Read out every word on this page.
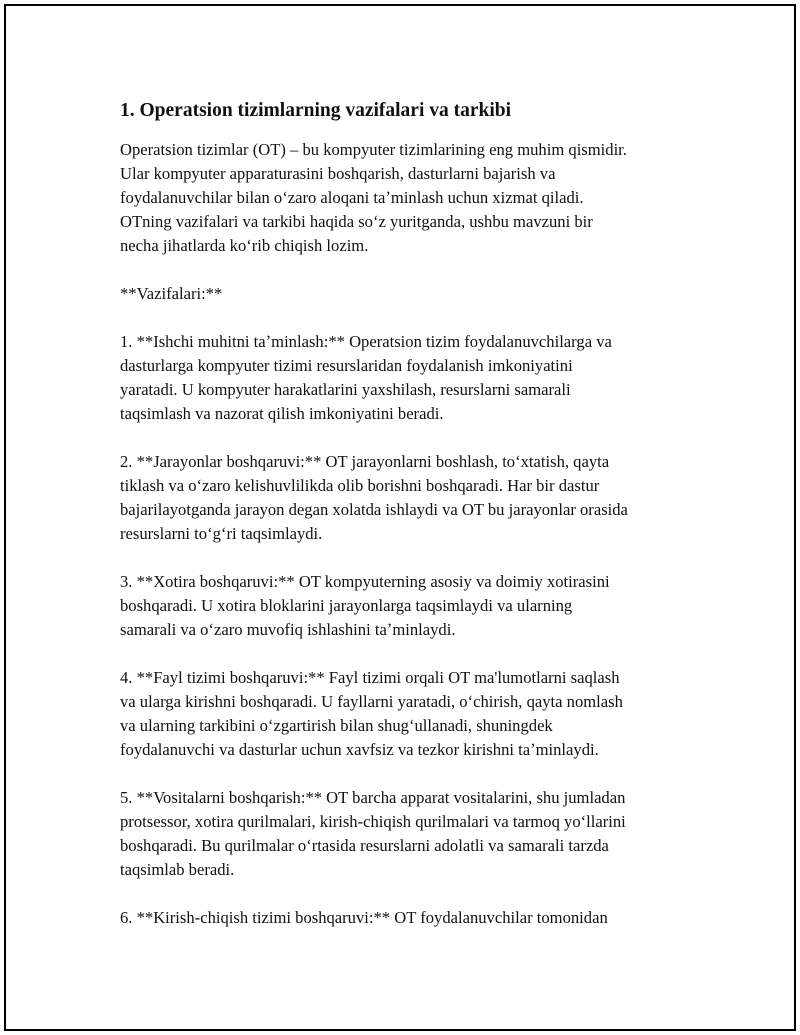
1. Operatsion tizimlarning vazifalari va tarkibi

Operatsion tizimlar (OT) – bu kompyuter tizimlarining eng muhim qismidir.
Ular kompyuter apparaturasini boshqarish, dasturlarni bajarish va
foydalanuvchilar bilan oʻzaro aloqani taʼminlash uchun xizmat qiladi.
OTning vazifalari va tarkibi haqida soʻz yuritganda, ushbu mavzuni bir
necha jihatlarda koʻrib chiqish lozim.

**Vazifalari:**

1. **Ishchi muhitni taʼminlash:** Operatsion tizim foydalanuvchilarga va
dasturlarga kompyuter tizimi resurslaridan foydalanish imkoniyatini
yaratadi. U kompyuter harakatlarini yaxshilash, resurslarni samarali
taqsimlash va nazorat qilish imkoniyatini beradi.

2. **Jarayonlar boshqaruvi:** OT jarayonlarni boshlash, toʻxtatish, qayta
tiklash va oʻzaro kelishuvlilikda olib borishni boshqaradi. Har bir dastur
bajarilayotganda jarayon degan xolatda ishlaydi va OT bu jarayonlar orasida
resurslarni toʻgʻri taqsimlaydi.

3. **Xotira boshqaruvi:** OT kompyuterning asosiy va doimiy xotirasini
boshqaradi. U xotira bloklarini jarayonlarga taqsimlaydi va ularning
samarali va oʻzaro muvofiq ishlashini taʼminlaydi.

4. **Fayl tizimi boshqaruvi:** Fayl tizimi orqali OT ma'lumotlarni saqlash
va ularga kirishni boshqaradi. U fayllarni yaratadi, oʻchirish, qayta nomlash
va ularning tarkibini oʻzgartirish bilan shugʻullanadi, shuningdek
foydalanuvchi va dasturlar uchun xavfsiz va tezkor kirishni taʼminlaydi.

5. **Vositalarni boshqarish:** OT barcha apparat vositalarini, shu jumladan
protsessor, xotira qurilmalari, kirish-chiqish qurilmalari va tarmoq yoʻllarini
boshqaradi. Bu qurilmalar oʻrtasida resurslarni adolatli va samarali tarzda
taqsimlab beradi.

6. **Kirish-chiqish tizimi boshqaruvi:** OT foydalanuvchilar tomonidan
